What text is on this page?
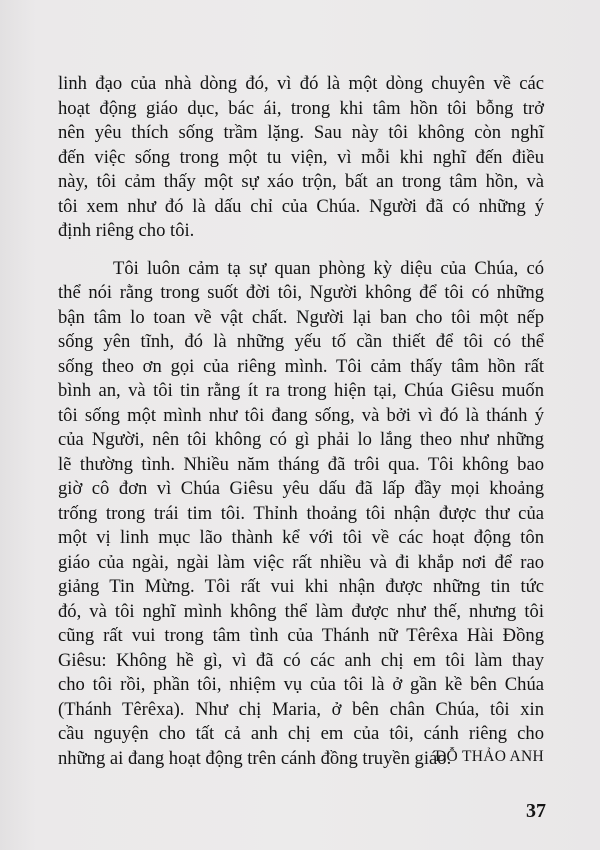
linh đạo của nhà dòng đó, vì đó là một dòng chuyên về các
hoạt động giáo dục, bác ái, trong khi tâm hồn tôi bỗng trở
nên yêu thích sống trầm lặng. Sau này tôi không còn nghĩ
đến việc sống trong một tu viện, vì mỗi khi nghĩ đến điều
này, tôi cảm thấy một sự xáo trộn, bất an trong tâm hồn, và
tôi xem như đó là dấu chỉ của Chúa. Người đã có những ý
định riêng cho tôi.
Tôi luôn cảm tạ sự quan phòng kỳ diệu của Chúa, có
thể nói rằng trong suốt đời tôi, Người không để tôi có những
bận tâm lo toan về vật chất. Người lại ban cho tôi một nếp
sống yên tĩnh, đó là những yếu tố cần thiết để tôi có thể
sống theo ơn gọi của riêng mình. Tôi cảm thấy tâm hồn rất
bình an, và tôi tin rằng ít ra trong hiện tại, Chúa Giêsu muốn
tôi sống một mình như tôi đang sống, và bởi vì đó là thánh ý
của Người, nên tôi không có gì phải lo lắng theo như những
lẽ thường tình. Nhiều năm tháng đã trôi qua. Tôi không bao
giờ cô đơn vì Chúa Giêsu yêu dấu đã lấp đầy mọi khoảng
trống trong trái tim tôi. Thỉnh thoảng tôi nhận được thư của
một vị linh mục lão thành kể với tôi về các hoạt động tôn
giáo của ngài, ngài làm việc rất nhiều và đi khắp nơi để rao
giảng Tin Mừng. Tôi rất vui khi nhận được những tin tức
đó, và tôi nghĩ mình không thể làm được như thế, nhưng tôi
cũng rất vui trong tâm tình của Thánh nữ Têrêxa Hài Đồng
Giêsu: Không hề gì, vì đã có các anh chị em tôi làm thay
cho tôi rồi, phần tôi, nhiệm vụ của tôi là ở gần kề bên Chúa
(Thánh Têrêxa). Như chị Maria, ở bên chân Chúa, tôi xin
cầu nguyện cho tất cả anh chị em của tôi, cánh riêng cho
những ai đang hoạt động trên cánh đồng truyền giáo.
ĐỖ THẢO ANH
37
